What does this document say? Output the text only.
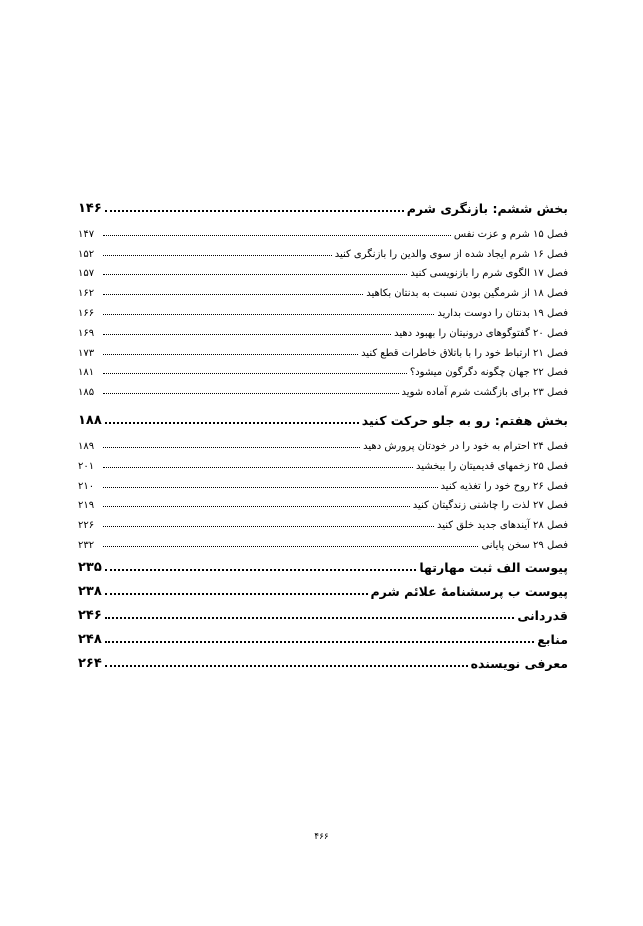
بخش ششم: بازنگری شرم
۱۴۶
فصل ۱۵ شرم و عزت نفس
۱۴۷
فصل ۱۶ شرم ایجاد شده از سوی والدین را بازنگری کنید
۱۵۲
فصل ۱۷ الگوی شرم را بازنویسی کنید
۱۵۷
فصل ۱۸ از شرمگین بودن نسبت به بدنتان بکاهید
۱۶۲
فصل ۱۹ بدنتان را دوست بدارید
۱۶۶
فصل ۲۰ گفتوگوهای درونیتان را بهبود دهید
۱۶۹
فصل ۲۱ ارتباط خود را با باتلاق خاطرات قطع کنید
۱۷۳
فصل ۲۲ جهان چگونه دگرگون میشود؟
۱۸۱
فصل ۲۳ برای بازگشت شرم آماده شوید
۱۸۵
بخش هفتم: رو به جلو حرکت کنید
۱۸۸
فصل ۲۴ احترام به خود را در خودتان پرورش دهید
۱۸۹
فصل ۲۵ زخمهای قدیمیتان را ببخشید
۲۰۱
فصل ۲۶ روح خود را تغذیه کنید
۲۱۰
فصل ۲۷ لذت را چاشنی زندگیتان کنید
۲۱۹
فصل ۲۸ آیندهای جدید خلق کنید
۲۲۶
فصل ۲۹ سخن پایانی
۲۳۲
پیوست الف ثبت مهارتها
۲۳۵
پیوست ب پرسشنامهٔ علائم شرم
۲۳۸
قدردانی
۲۴۶
منابع
۲۴۸
معرفی نویسنده
۲۶۴
۴۶۶
